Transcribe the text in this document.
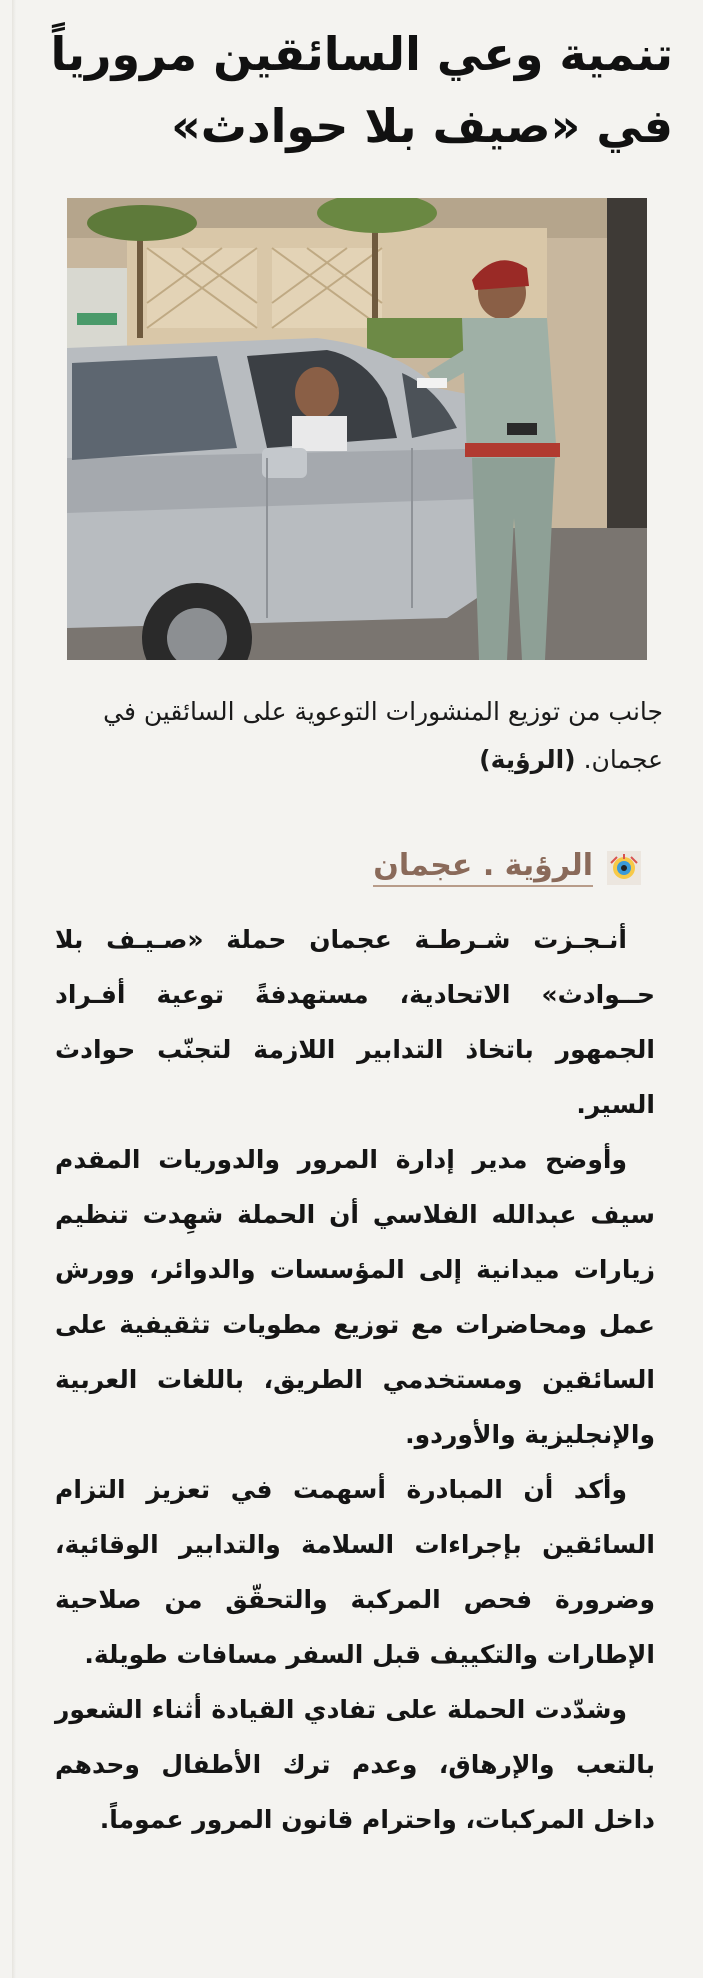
تنمية وعي السائقين مرورياً
في «صيف بلا حوادث»
جانب من توزيع المنشورات التوعوية على السائقين في عجمان. (الرؤية)
الرؤية . عجمان

أنـجـزت شـرطـة عجمان حملة «صـيـف بلا حــوادث» الاتحادية، مستهدفةً توعية أفـراد الجمهور باتخاذ التدابير اللازمة لتجنّب حوادث السير.

وأوضح مدير إدارة المرور والدوريات المقدم سيف عبدالله الفلاسي أن الحملة شهِدت تنظيم زيارات ميدانية إلى المؤسسات والدوائر، وورش عمل ومحاضرات مع توزيع مطويات تثقيفية على السائقين ومستخدمي الطريق، باللغات العربية والإنجليزية والأوردو.

وأكد أن المبادرة أسهمت في تعزيز التزام السائقين بإجراءات السلامة والتدابير الوقائية، وضرورة فحص المركبة والتحقّق من صلاحية الإطارات والتكييف قبل السفر مسافات طويلة.

وشدّدت الحملة على تفادي القيادة أثناء الشعور بالتعب والإرهاق، وعدم ترك الأطفال وحدهم داخل المركبات، واحترام قانون المرور عموماً.
